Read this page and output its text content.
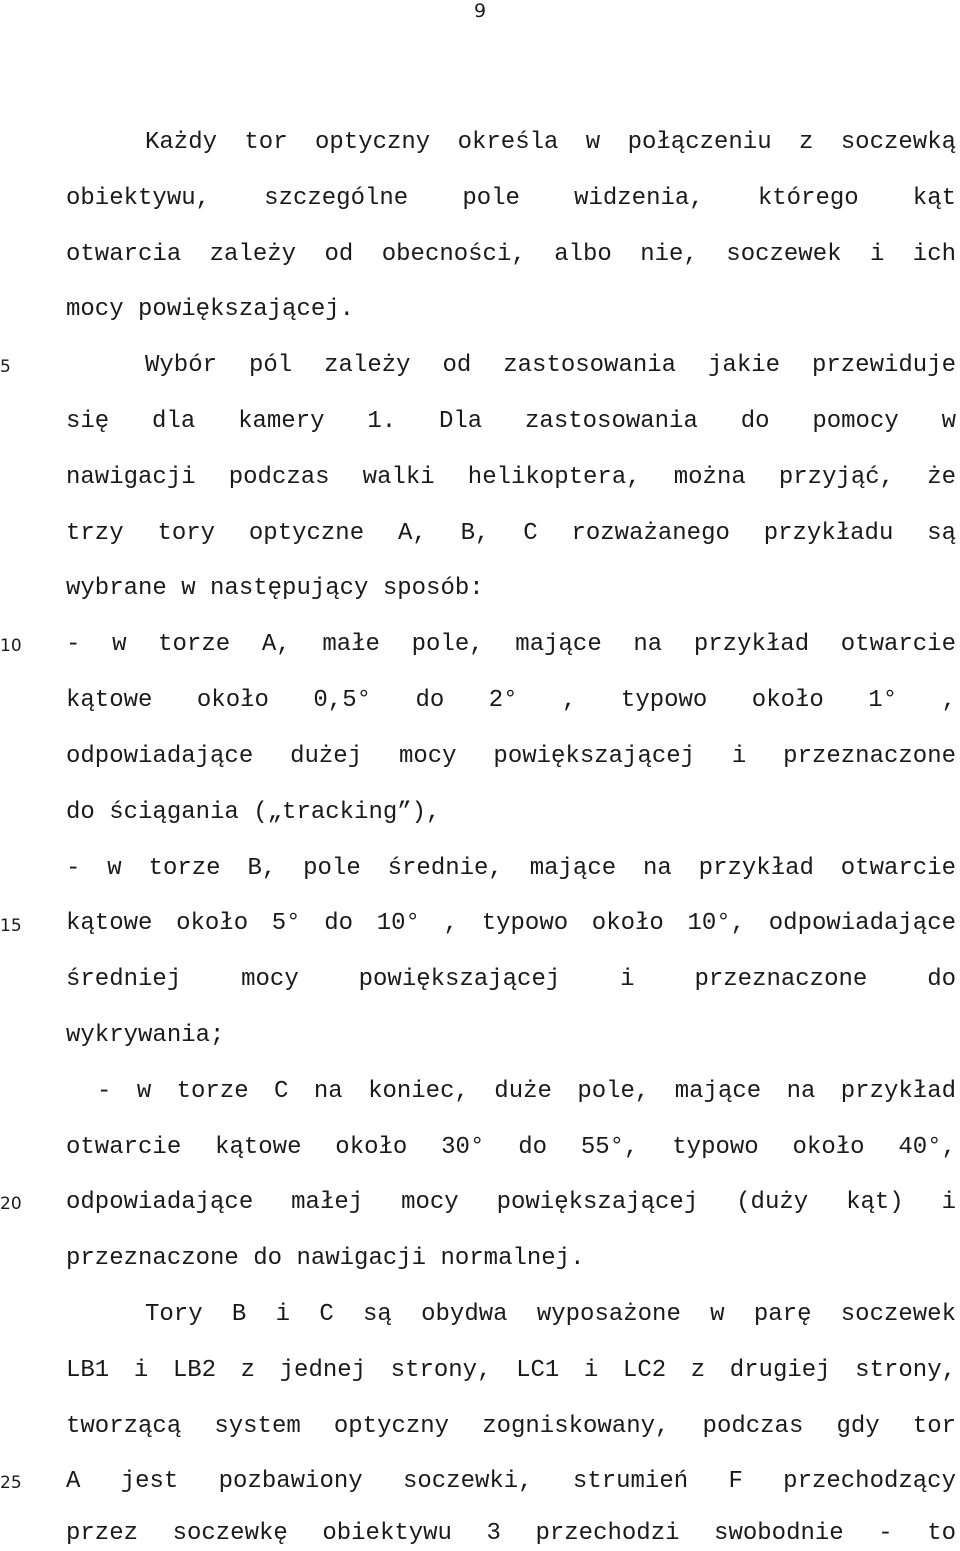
9
5
10
15
20
25
Każdy tor optyczny określa w połączeniu z soczewką
obiektywu, szczególne pole widzenia, którego kąt
otwarcia zależy od obecności, albo nie, soczewek i ich
mocy powiększającej.
Wybór pól zależy od zastosowania jakie przewiduje
się dla kamery 1. Dla zastosowania do pomocy w
nawigacji podczas walki helikoptera, można przyjąć, że
trzy tory optyczne A, B, C rozważanego przykładu są
wybrane w następujący sposób:
- w torze A, małe pole, mające na przykład otwarcie
kątowe około 0,5° do 2° , typowo około 1° ,
odpowiadające dużej mocy powiększającej i przeznaczone
do ściągania („tracking”),
- w torze B, pole średnie, mające na przykład otwarcie
kątowe około 5° do 10° , typowo około 10°, odpowiadające
średniej mocy powiększającej i przeznaczone do
wykrywania;
- w torze C na koniec, duże pole, mające na przykład
otwarcie kątowe około 30° do 55°, typowo około 40°,
odpowiadające małej mocy powiększającej (duży kąt) i
przeznaczone do nawigacji normalnej.
Tory B i C są obydwa wyposażone w parę soczewek
LB1 i LB2 z jednej strony, LC1 i LC2 z drugiej strony,
tworzącą system optyczny zogniskowany, podczas gdy tor
A jest pozbawiony soczewki, strumień F przechodzący
przez soczewkę obiektywu 3 przechodzi swobodnie - to
